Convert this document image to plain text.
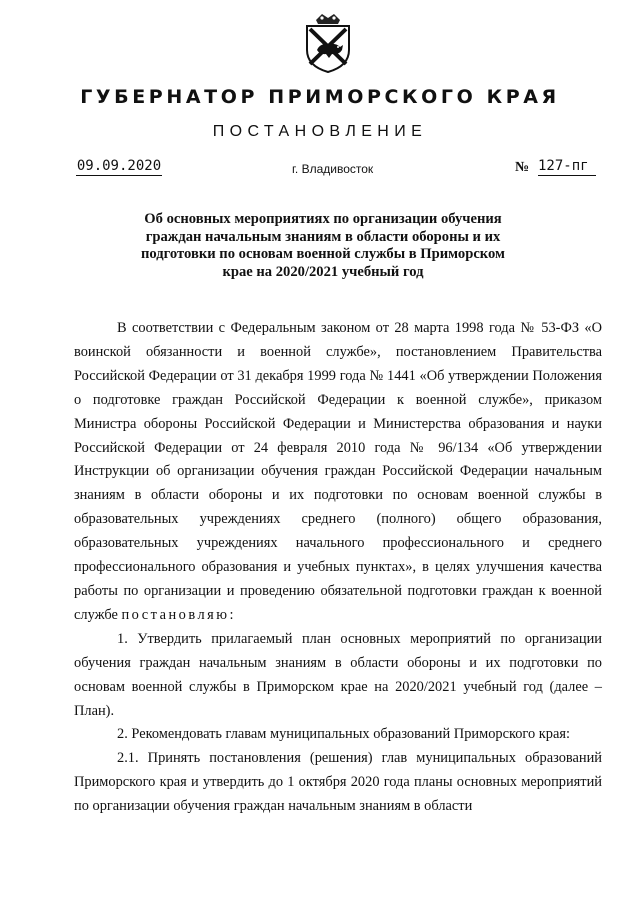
ГУБЕРНАТОР ПРИМОРСКОГО КРАЯ
ПОСТАНОВЛЕНИЕ
09.09.2020	г. Владивосток	№ 127-пг
Об основных мероприятиях по организации обучения
граждан начальным знаниям в области обороны и их
подготовки по основам военной службы в Приморском
крае на 2020/2021 учебный год

В соответствии с Федеральным законом от 28 марта 1998 года № 53-ФЗ «О воинской обязанности и военной службе», постановлением Правительства Российской Федерации от 31 декабря 1999 года № 1441 «Об утверждении Положения о подготовке граждан Российской Федерации к военной службе», приказом Министра обороны Российской Федерации и Министерства образования и науки Российской Федерации от 24 февраля 2010 года № 96/134 «Об утверждении Инструкции об организации обучения граждан Российской Федерации начальным знаниям в области обороны и их подготовки по основам военной службы в образовательных учреждениях среднего (полного) общего образования, образовательных учреждениях начального профессионального и среднего профессионального образования и учебных пунктах», в целях улучшения качества работы по организации и проведению обязательной подготовки граждан к военной службе постановляю:

1. Утвердить прилагаемый план основных мероприятий по организации обучения граждан начальным знаниям в области обороны и их подготовки по основам военной службы в Приморском крае на 2020/2021 учебный год (далее – План).

2. Рекомендовать главам муниципальных образований Приморского края:

2.1. Принять постановления (решения) глав муниципальных образований Приморского края и утвердить до 1 октября 2020 года планы основных мероприятий по организации обучения граждан начальным знаниям в области
